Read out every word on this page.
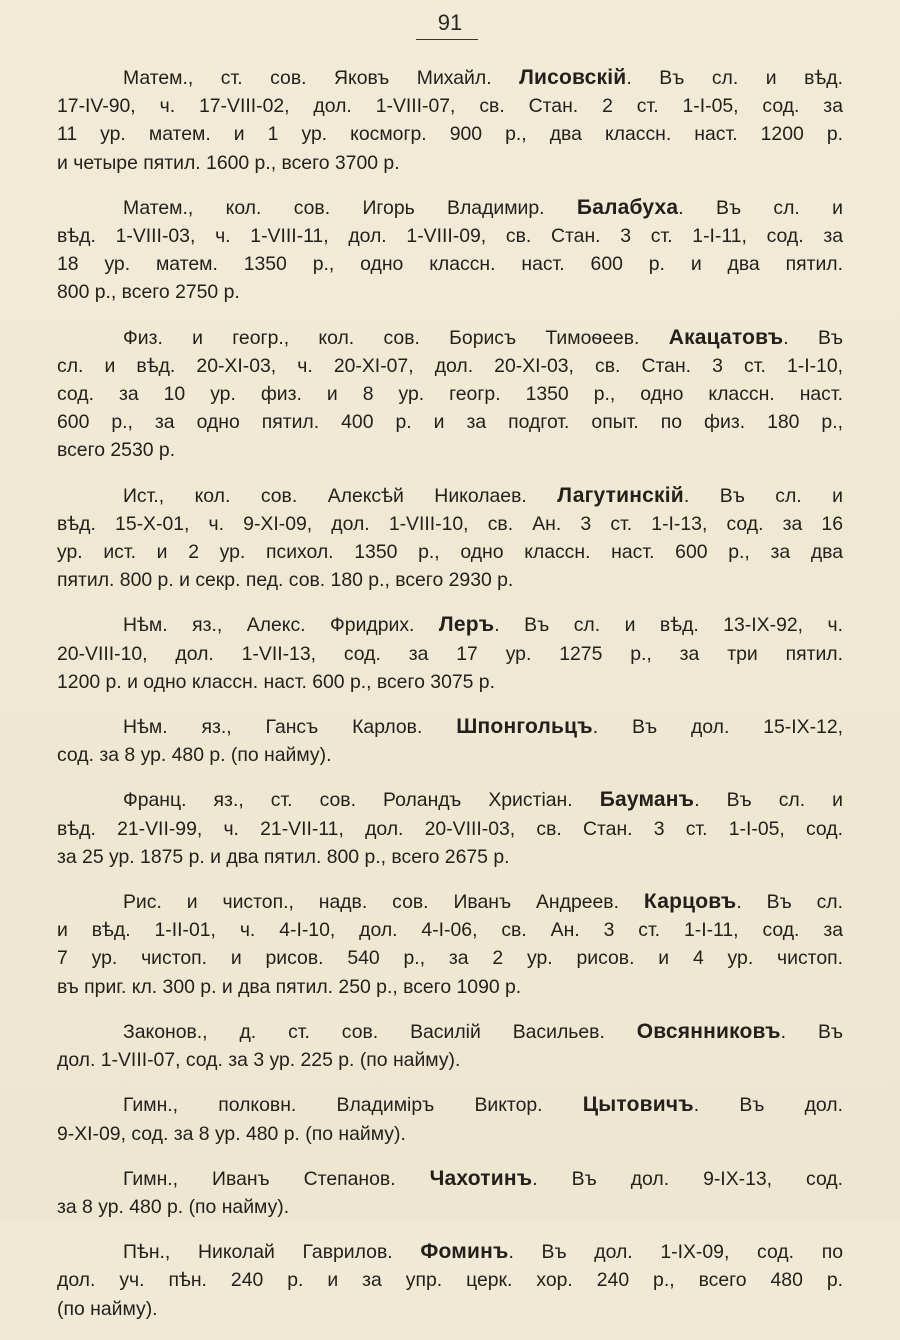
91
Матем., ст. сов. Яковъ Михайл. Лисовскій. Въ сл. и вѣд.
17-IV-90, ч. 17-VIII-02, дол. 1-VIII-07, св. Стан. 2 ст. 1-I-05, сод. за
11 ур. матем. и 1 ур. космогр. 900 р., два классн. наст. 1200 р.
и четыре пятил. 1600 р., всего 3700 р.
Матем., кол. сов. Игорь Владимир. Балабуха. Въ сл. и
вѣд. 1-VIII-03, ч. 1-VIII-11, дол. 1-VIII-09, св. Стан. 3 ст. 1-I-11, сод. за
18 ур. матем. 1350 р., одно классн. наст. 600 р. и два пятил.
800 р., всего 2750 р.
Физ. и геогр., кол. сов. Борисъ Тимоѳеев. Акацатовъ. Въ
сл. и вѣд. 20-XI-03, ч. 20-XI-07, дол. 20-XI-03, св. Стан. 3 ст. 1-I-10,
сод. за 10 ур. физ. и 8 ур. геогр. 1350 р., одно классн. наст.
600 р., за одно пятил. 400 р. и за подгот. опыт. по физ. 180 р.,
всего 2530 р.
Ист., кол. сов. Алексѣй Николаев. Лагутинскій. Въ сл. и
вѣд. 15-X-01, ч. 9-XI-09, дол. 1-VIII-10, св. Ан. 3 ст. 1-I-13, сод. за 16
ур. ист. и 2 ур. психол. 1350 р., одно классн. наст. 600 р., за два
пятил. 800 р. и секр. пед. сов. 180 р., всего 2930 р.
Нѣм. яз., Алекс. Фридрих. Леръ. Въ сл. и вѣд. 13-IX-92, ч.
20-VIII-10, дол. 1-VII-13, сод. за 17 ур. 1275 р., за три пятил.
1200 р. и одно классн. наст. 600 р., всего 3075 р.
Нѣм. яз., Гансъ Карлов. Шпонгольцъ. Въ дол. 15-IX-12,
сод. за 8 ур. 480 р. (по найму).
Франц. яз., ст. сов. Роландъ Христіан. Бауманъ. Въ сл. и
вѣд. 21-VII-99, ч. 21-VII-11, дол. 20-VIII-03, св. Стан. 3 ст. 1-I-05, сод.
за 25 ур. 1875 р. и два пятил. 800 р., всего 2675 р.
Рис. и чистоп., надв. сов. Иванъ Андреев. Карцовъ. Въ сл.
и вѣд. 1-II-01, ч. 4-I-10, дол. 4-I-06, св. Ан. 3 ст. 1-I-11, сод. за
7 ур. чистоп. и рисов. 540 р., за 2 ур. рисов. и 4 ур. чистоп.
въ приг. кл. 300 р. и два пятил. 250 р., всего 1090 р.
Законов., д. ст. сов. Василій Васильев. Овсянниковъ. Въ
дол. 1-VIII-07, сод. за 3 ур. 225 р. (по найму).
Гимн., полковн. Владиміръ Виктор. Цытовичъ. Въ дол.
9-XI-09, сод. за 8 ур. 480 р. (по найму).
Гимн., Иванъ Степанов. Чахотинъ. Въ дол. 9-IX-13, сод.
за 8 ур. 480 р. (по найму).
Пѣн., Николай Гаврилов. Фоминъ. Въ дол. 1-IX-09, сод. по
дол. уч. пѣн. 240 р. и за упр. церк. хор. 240 р., всего 480 р.
(по найму).
